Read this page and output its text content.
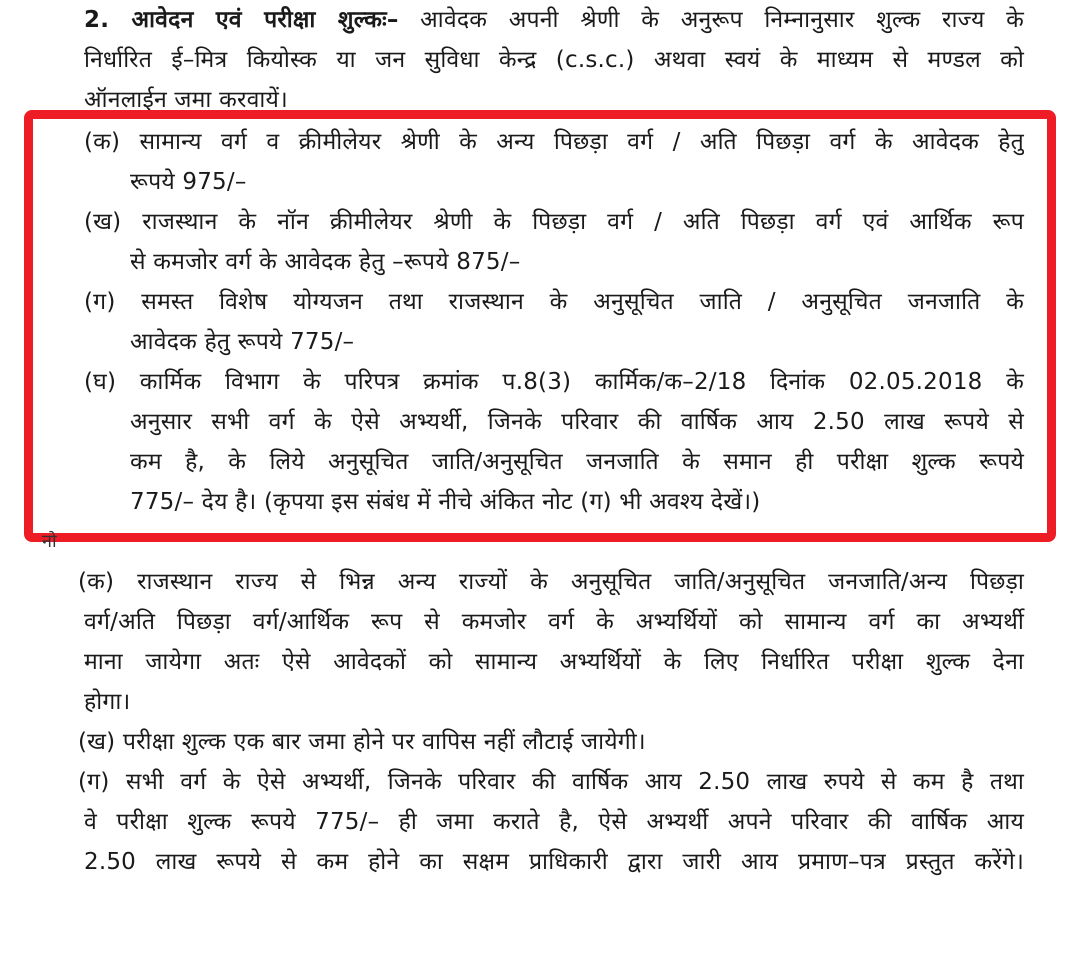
2. आवेदन एवं परीक्षा शुल्कः– आवेदक अपनी श्रेणी के अनुरूप निम्नानुसार शुल्क राज्य के
निर्धारित ई–मित्र कियोस्क या जन सुविधा केन्द्र (c.s.c.) अथवा स्वयं के माध्यम से मण्डल को
ऑनलाईन जमा करवायें।
(क) सामान्य वर्ग व क्रीमीलेयर श्रेणी के अन्य पिछड़ा वर्ग / अति पिछड़ा वर्ग के आवेदक हेतु
रूपये 975/–
(ख) राजस्थान के नॉन क्रीमीलेयर श्रेणी के पिछड़ा वर्ग / अति पिछड़ा वर्ग एवं आर्थिक रूप
से कमजोर वर्ग के आवेदक हेतु –रूपये 875/–
(ग) समस्त विशेष योग्यजन तथा राजस्थान के अनुसूचित जाति / अनुसूचित जनजाति के
आवेदक हेतु रूपये 775/–
(घ) कार्मिक विभाग के परिपत्र क्रमांक प.8(3) कार्मिक/क–2/18 दिनांक 02.05.2018 के
अनुसार सभी वर्ग के ऐसे अभ्यर्थी, जिनके परिवार की वार्षिक आय 2.50 लाख रूपये से
कम है, के लिये अनुसूचित जाति/अनुसूचित जनजाति के समान ही परीक्षा शुल्क रूपये
775/– देय है। (कृपया इस संबंध में नीचे अंकित नोट (ग) भी अवश्य देखें।)
नो
(क) राजस्थान राज्य से भिन्न अन्य राज्यों के अनुसूचित जाति/अनुसूचित जनजाति/अन्य पिछड़ा
वर्ग/अति पिछड़ा वर्ग/आर्थिक रूप से कमजोर वर्ग के अभ्यर्थियों को सामान्य वर्ग का अभ्यर्थी
माना जायेगा अतः ऐसे आवेदकों को सामान्य अभ्यर्थियों के लिए निर्धारित परीक्षा शुल्क देना
होगा।
(ख) परीक्षा शुल्क एक बार जमा होने पर वापिस नहीं लौटाई जायेगी।
(ग) सभी वर्ग के ऐसे अभ्यर्थी, जिनके परिवार की वार्षिक आय 2.50 लाख रुपये से कम है तथा
वे परीक्षा शुल्क रूपये 775/– ही जमा कराते है, ऐसे अभ्यर्थी अपने परिवार की वार्षिक आय
2.50 लाख रूपये से कम होने का सक्षम प्राधिकारी द्वारा जारी आय प्रमाण–पत्र प्रस्तुत करेंगे।
